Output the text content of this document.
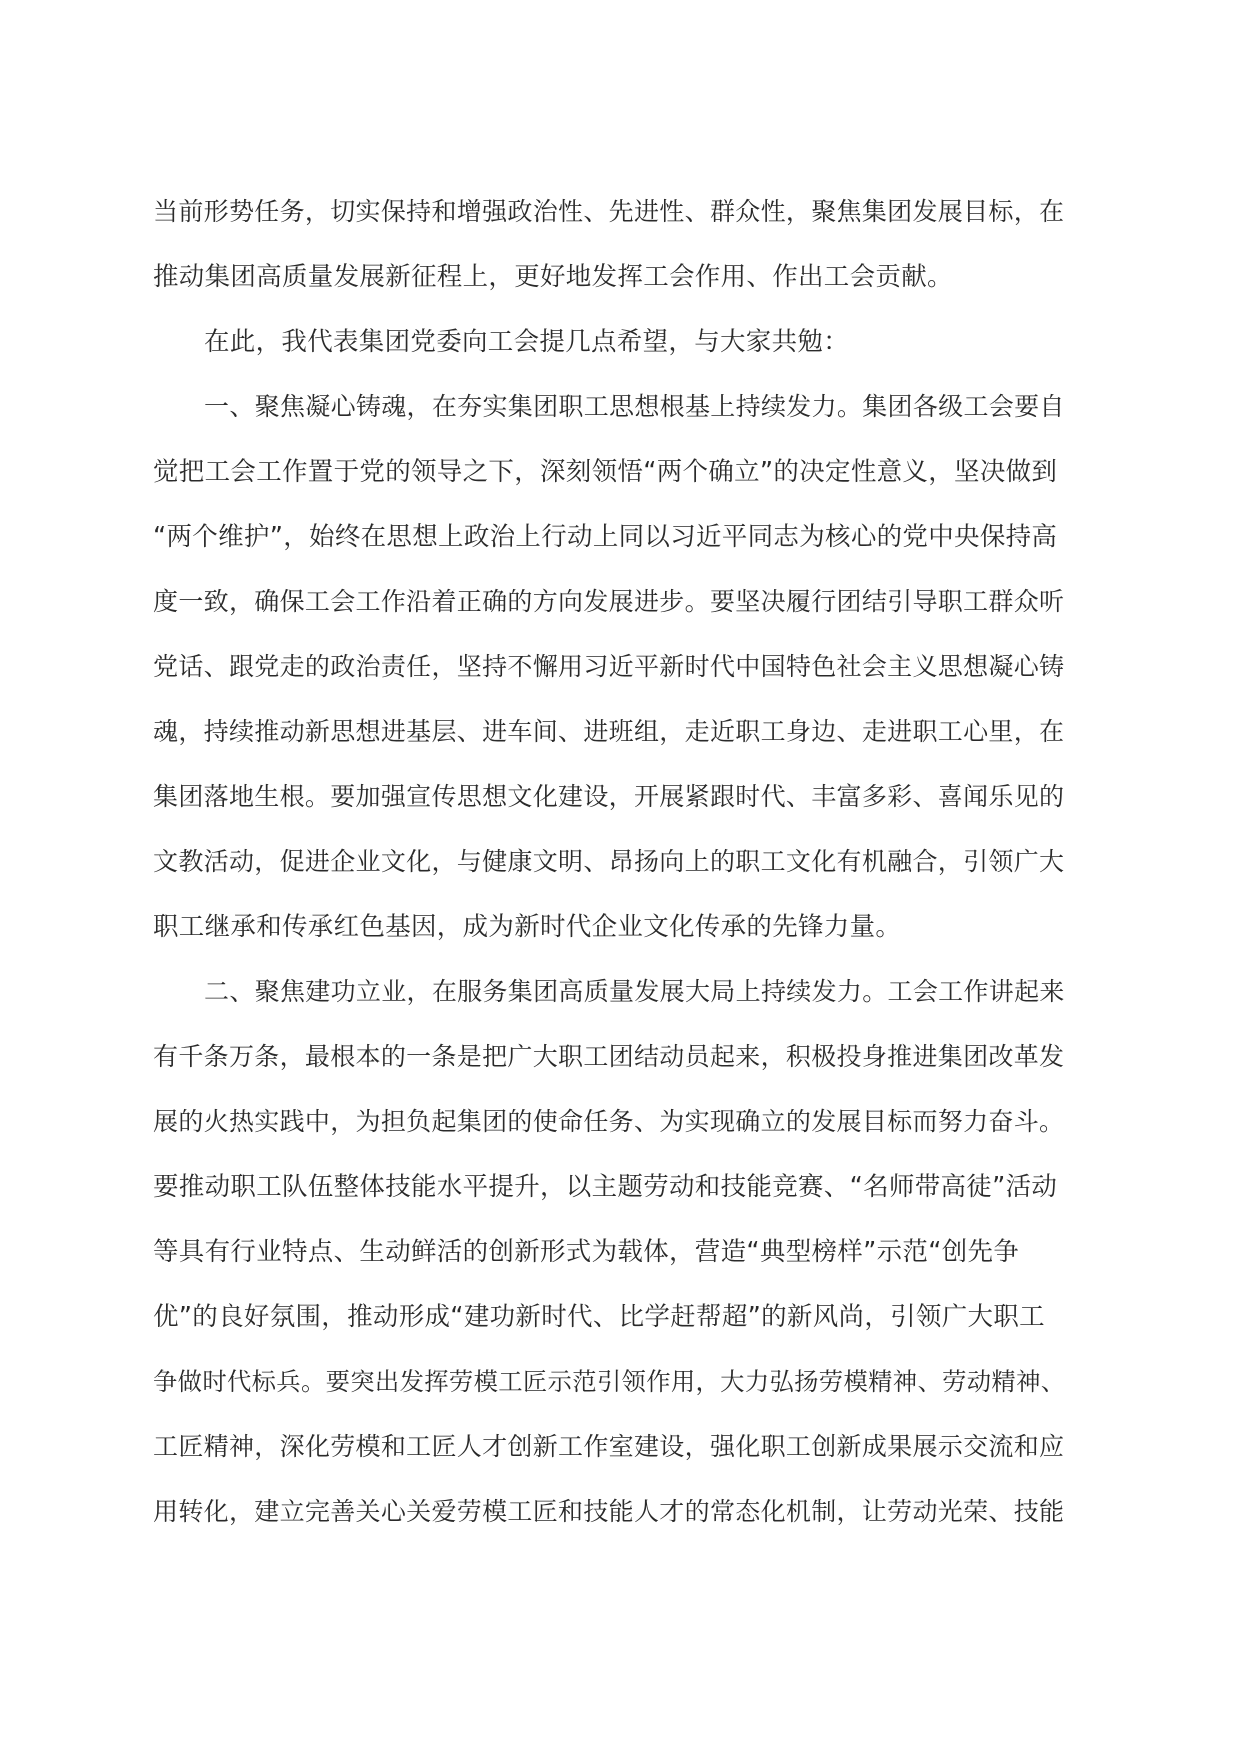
当前形势任务，切实保持和增强政治性、先进性、群众性，聚焦集团发展目标，在
推动集团高质量发展新征程上，更好地发挥工会作用、作出工会贡献。
在此，我代表集团党委向工会提几点希望，与大家共勉：
一、聚焦凝心铸魂，在夯实集团职工思想根基上持续发力。集团各级工会要自
觉把工会工作置于党的领导之下，深刻领悟“两个确立”的决定性意义，坚决做到
“两个维护”，始终在思想上政治上行动上同以习近平同志为核心的党中央保持高
度一致，确保工会工作沿着正确的方向发展进步。要坚决履行团结引导职工群众听
党话、跟党走的政治责任，坚持不懈用习近平新时代中国特色社会主义思想凝心铸
魂，持续推动新思想进基层、进车间、进班组，走近职工身边、走进职工心里，在
集团落地生根。要加强宣传思想文化建设，开展紧跟时代、丰富多彩、喜闻乐见的
文教活动，促进企业文化，与健康文明、昂扬向上的职工文化有机融合，引领广大
职工继承和传承红色基因，成为新时代企业文化传承的先锋力量。
二、聚焦建功立业，在服务集团高质量发展大局上持续发力。工会工作讲起来
有千条万条，最根本的一条是把广大职工团结动员起来，积极投身推进集团改革发
展的火热实践中，为担负起集团的使命任务、为实现确立的发展目标而努力奋斗。
要推动职工队伍整体技能水平提升，以主题劳动和技能竞赛、“名师带高徒”活动
等具有行业特点、生动鲜活的创新形式为载体，营造“典型榜样”示范“创先争
优”的良好氛围，推动形成“建功新时代、比学赶帮超”的新风尚，引领广大职工
争做时代标兵。要突出发挥劳模工匠示范引领作用，大力弘扬劳模精神、劳动精神、
工匠精神，深化劳模和工匠人才创新工作室建设，强化职工创新成果展示交流和应
用转化，建立完善关心关爱劳模工匠和技能人才的常态化机制，让劳动光荣、技能
